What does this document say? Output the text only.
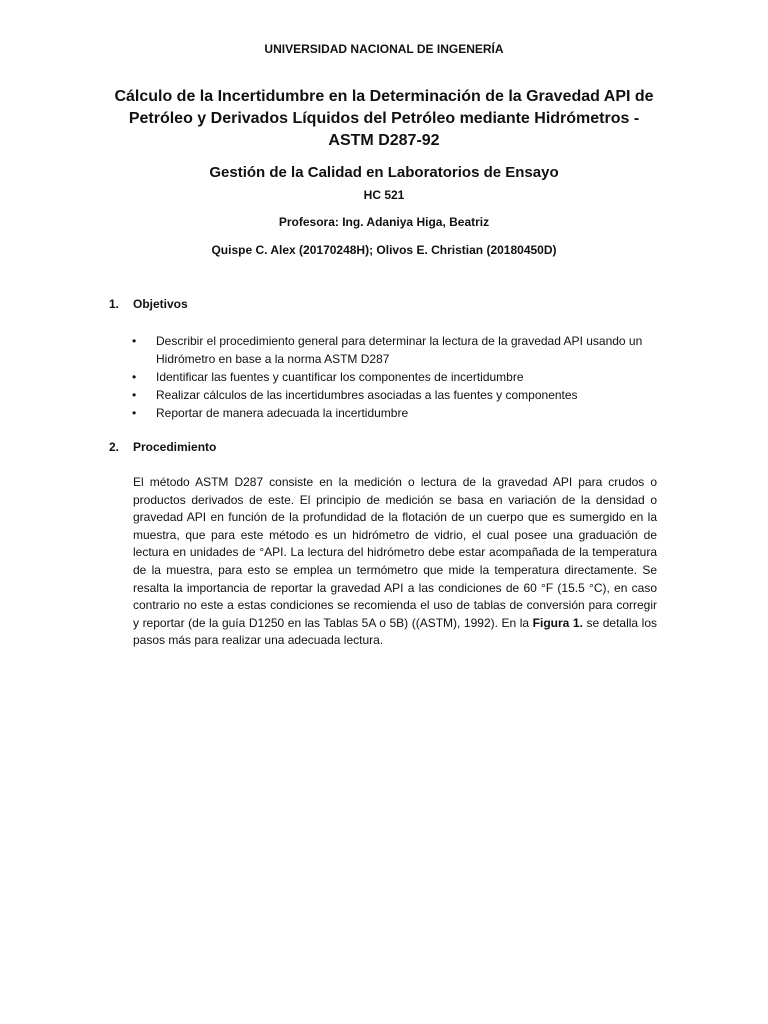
UNIVERSIDAD NACIONAL DE INGENERÍA
Cálculo de la Incertidumbre en la Determinación de la Gravedad API de
Petróleo y Derivados Líquidos del Petróleo mediante Hidrómetros -
ASTM D287-92
Gestión de la Calidad en Laboratorios de Ensayo
HC 521
Profesora: Ing. Adaniya Higa, Beatriz
Quispe C. Alex (20170248H); Olivos E. Christian (20180450D)
1. Objetivos
• Describir el procedimiento general para determinar la lectura de la gravedad API usando un Hidrómetro en base a la norma ASTM D287
• Identificar las fuentes y cuantificar los componentes de incertidumbre
• Realizar cálculos de las incertidumbres asociadas a las fuentes y componentes
• Reportar de manera adecuada la incertidumbre
2. Procedimiento

El método ASTM D287 consiste en la medición o lectura de la gravedad API para crudos o productos derivados de este. El principio de medición se basa en variación de la densidad o gravedad API en función de la profundidad de la flotación de un cuerpo que es sumergido en la muestra, que para este método es un hidrómetro de vidrio, el cual posee una graduación de lectura en unidades de °API. La lectura del hidrómetro debe estar acompañada de la temperatura de la muestra, para esto se emplea un termómetro que mide la temperatura directamente. Se resalta la importancia de reportar la gravedad API a las condiciones de 60 °F (15.5 °C), en caso contrario no este a estas condiciones se recomienda el uso de tablas de conversión para corregir y reportar (de la guía D1250 en las Tablas 5A o 5B) ((ASTM), 1992). En la Figura 1. se detalla los pasos más para realizar una adecuada lectura.
